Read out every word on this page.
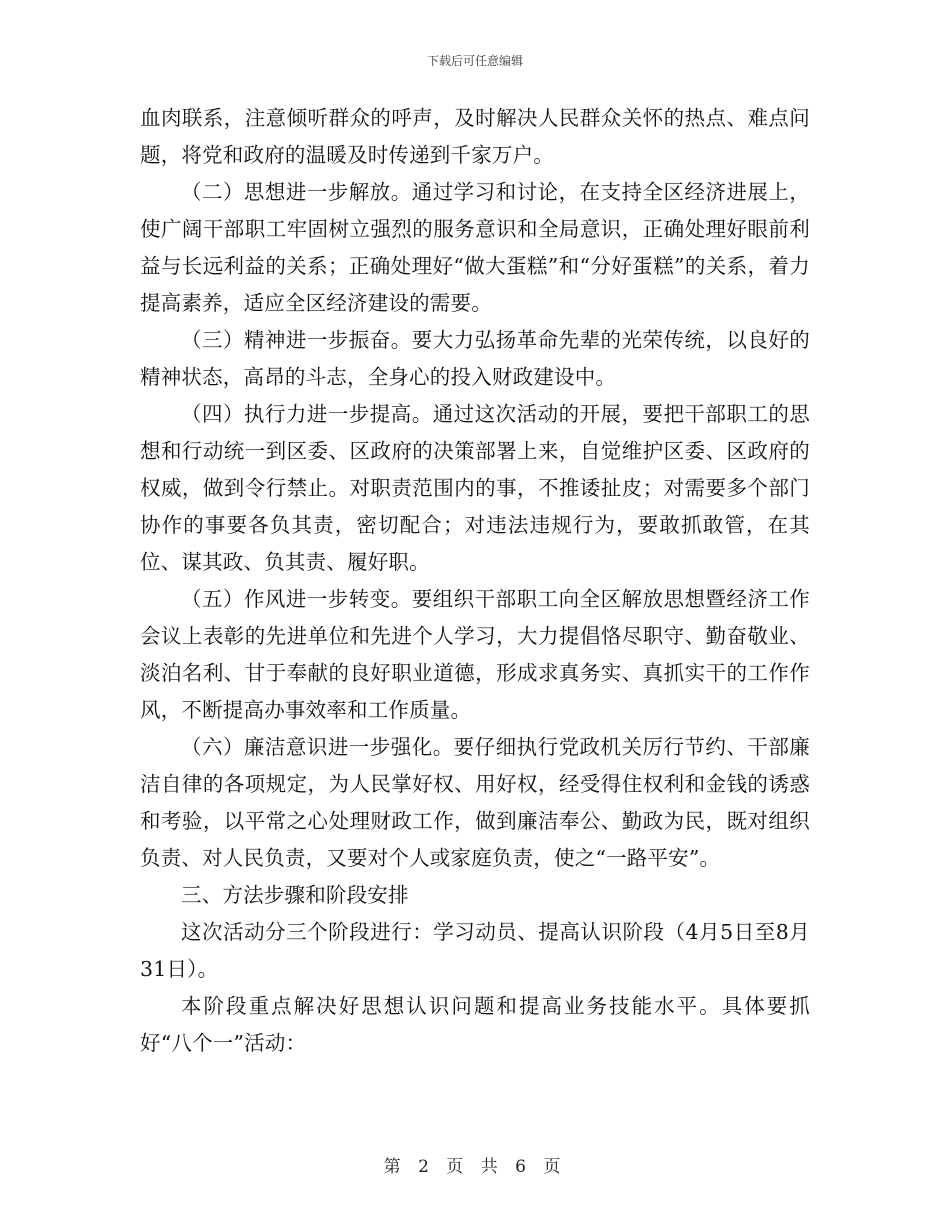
下载后可任意编辑

血肉联系，注意倾听群众的呼声，及时解决人民群众关怀的热点、难点问题，将党和政府的温暖及时传递到千家万户。

（二）思想进一步解放。通过学习和讨论，在支持全区经济进展上，使广阔干部职工牢固树立强烈的服务意识和全局意识，正确处理好眼前利益与长远利益的关系；正确处理好“做大蛋糕”和“分好蛋糕”的关系，着力提高素养，适应全区经济建设的需要。

（三）精神进一步振奋。要大力弘扬革命先辈的光荣传统，以良好的精神状态，高昂的斗志，全身心的投入财政建设中。

（四）执行力进一步提高。通过这次活动的开展，要把干部职工的思想和行动统一到区委、区政府的决策部署上来，自觉维护区委、区政府的权威，做到令行禁止。对职责范围内的事，不推诿扯皮；对需要多个部门协作的事要各负其责，密切配合；对违法违规行为，要敢抓敢管，在其位、谋其政、负其责、履好职。

（五）作风进一步转变。要组织干部职工向全区解放思想暨经济工作会议上表彰的先进单位和先进个人学习，大力提倡恪尽职守、勤奋敬业、淡泊名利、甘于奉献的良好职业道德，形成求真务实、真抓实干的工作作风，不断提高办事效率和工作质量。

（六）廉洁意识进一步强化。要仔细执行党政机关厉行节约、干部廉洁自律的各项规定，为人民掌好权、用好权，经受得住权利和金钱的诱惑和考验，以平常之心处理财政工作，做到廉洁奉公、勤政为民，既对组织负责、对人民负责，又要对个人或家庭负责，使之“一路平安”。

三、方法步骤和阶段安排

这次活动分三个阶段进行：学习动员、提高认识阶段（4月5日至8月31日）。

本阶段重点解决好思想认识问题和提高业务技能水平。具体要抓好“八个一”活动：

第 2 页 共 6 页
